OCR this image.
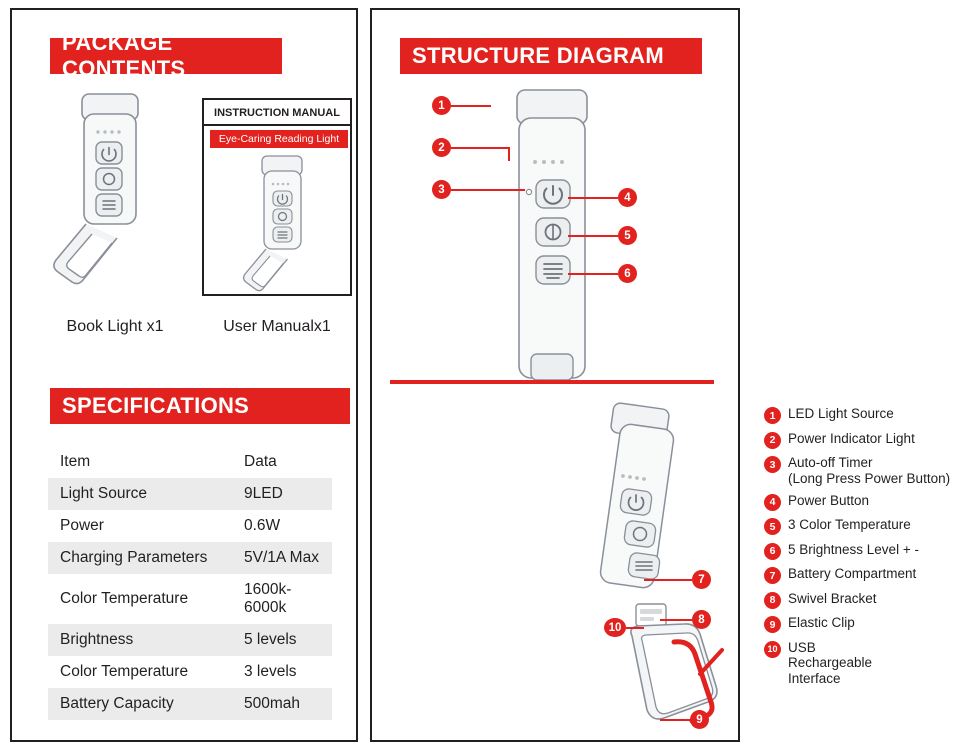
PACKAGE CONTENTS
Book Light x1
INSTRUCTION MANUAL
Eye-Caring Reading Light
User Manualx1
SPECIFICATIONS
Item	Data
Light Source	9LED
Power	0.6W
Charging Parameters	5V/1A Max
Color Temperature	1600k-6000k
Brightness	5 levels
Color Temperature	3 levels
Battery Capacity	500mah
STRUCTURE DIAGRAM
1
2
3
4
5
6
7
8
9
10
1 LED Light Source
2 Power Indicator Light
3 Auto-off Timer
(Long Press Power Button)
4 Power Button
5 3 Color Temperature
6 5 Brightness Level + -
7 Battery Compartment
8 Swivel Bracket
9 Elastic Clip
10 USB
Rechargeable Interface
